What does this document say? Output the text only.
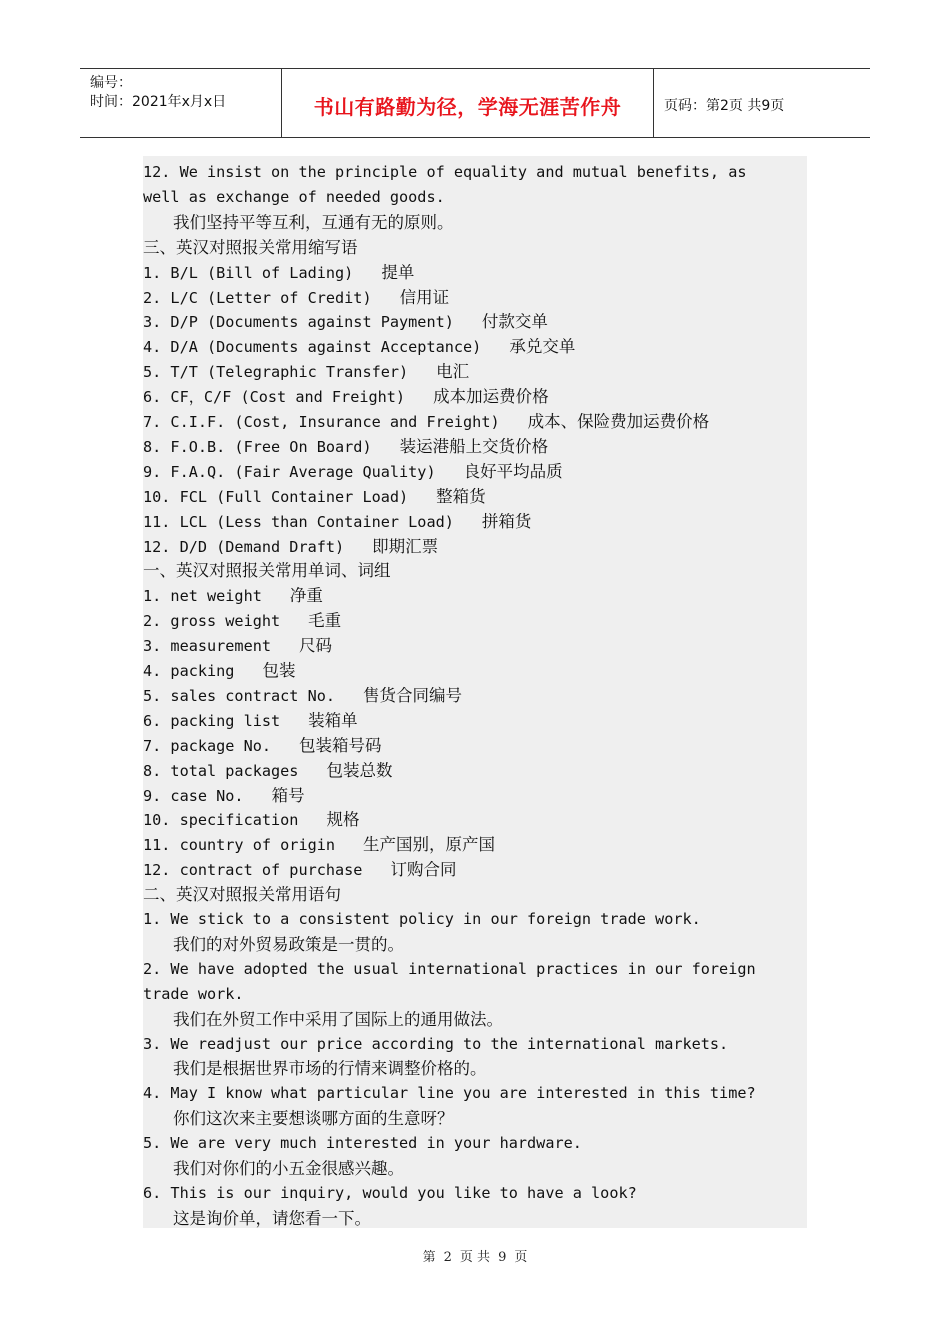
编号：
时间：2021年x月x日	书山有路勤为径，学海无涯苦作舟	页码：第2页 共9页
12. We insist on the principle of equality and mutual benefits, as
well as exchange of needed goods.
我们坚持平等互利，互通有无的原则。
三、英汉对照报关常用缩写语
1. B/L (Bill of Lading) 提单
2. L/C (Letter of Credit) 信用证
3. D/P (Documents against Payment) 付款交单
4. D/A (Documents against Acceptance) 承兑交单
5. T/T (Telegraphic Transfer) 电汇
6. CF，C/F (Cost and Freight) 成本加运费价格
7. C.I.F. (Cost, Insurance and Freight) 成本、保险费加运费价格
8. F.O.B. (Free On Board) 装运港船上交货价格
9. F.A.Q. (Fair Average Quality) 良好平均品质
10. FCL (Full Container Load) 整箱货
11. LCL (Less than Container Load) 拼箱货
12. D/D (Demand Draft) 即期汇票
一、英汉对照报关常用单词、词组
1. net weight 净重
2. gross weight 毛重
3. measurement 尺码
4. packing 包装
5. sales contract No. 售货合同编号
6. packing list 装箱单
7. package No. 包装箱号码
8. total packages 包装总数
9. case No. 箱号
10. specification 规格
11. country of origin 生产国别，原产国
12. contract of purchase 订购合同
二、英汉对照报关常用语句
1. We stick to a consistent policy in our foreign trade work.
我们的对外贸易政策是一贯的。
2. We have adopted the usual international practices in our foreign
trade work.
我们在外贸工作中采用了国际上的通用做法。
3. We readjust our price according to the international markets.
我们是根据世界市场的行情来调整价格的。
4. May I know what particular line you are interested in this time?
你们这次来主要想谈哪方面的生意呀？
5. We are very much interested in your hardware.
我们对你们的小五金很感兴趣。
6. This is our inquiry, would you like to have a look?
这是询价单，请您看一下。
第 2 页 共 9 页
